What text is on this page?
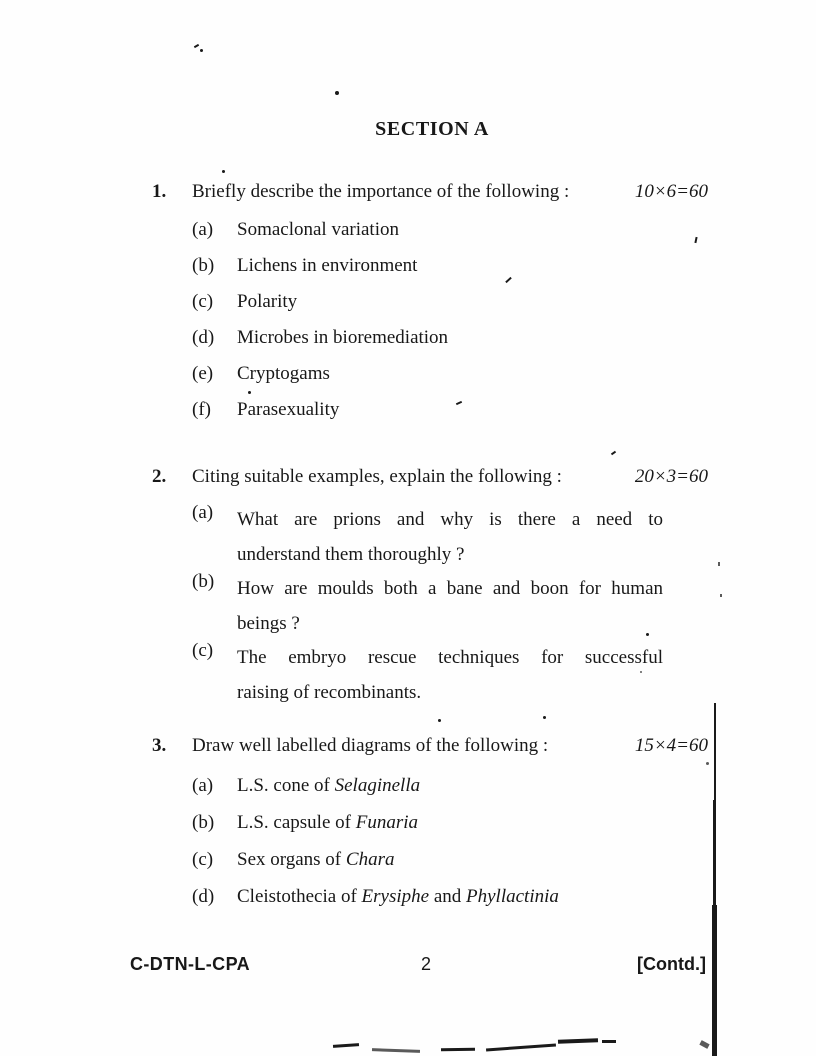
SECTION A
1.	Briefly describe the importance of the following :	10×6=60
(a)	Somaclonal variation
(b)	Lichens in environment
(c)	Polarity
(d)	Microbes in bioremediation
(e)	Cryptogams
(f)	Parasexuality
2.	Citing suitable examples, explain the following :	20×3=60
(a)	What are prions and why is there a need to
understand them thoroughly ?
(b)	How are moulds both a bane and boon for human
beings ?
(c)	The embryo rescue techniques for successful
raising of recombinants.
3.	Draw well labelled diagrams of the following :	15×4=60
(a)	L.S. cone of Selaginella
(b)	L.S. capsule of Funaria
(c)	Sex organs of Chara
(d)	Cleistothecia of Erysiphe and Phyllactinia
C-DTN-L-CPA	2	[Contd.]
